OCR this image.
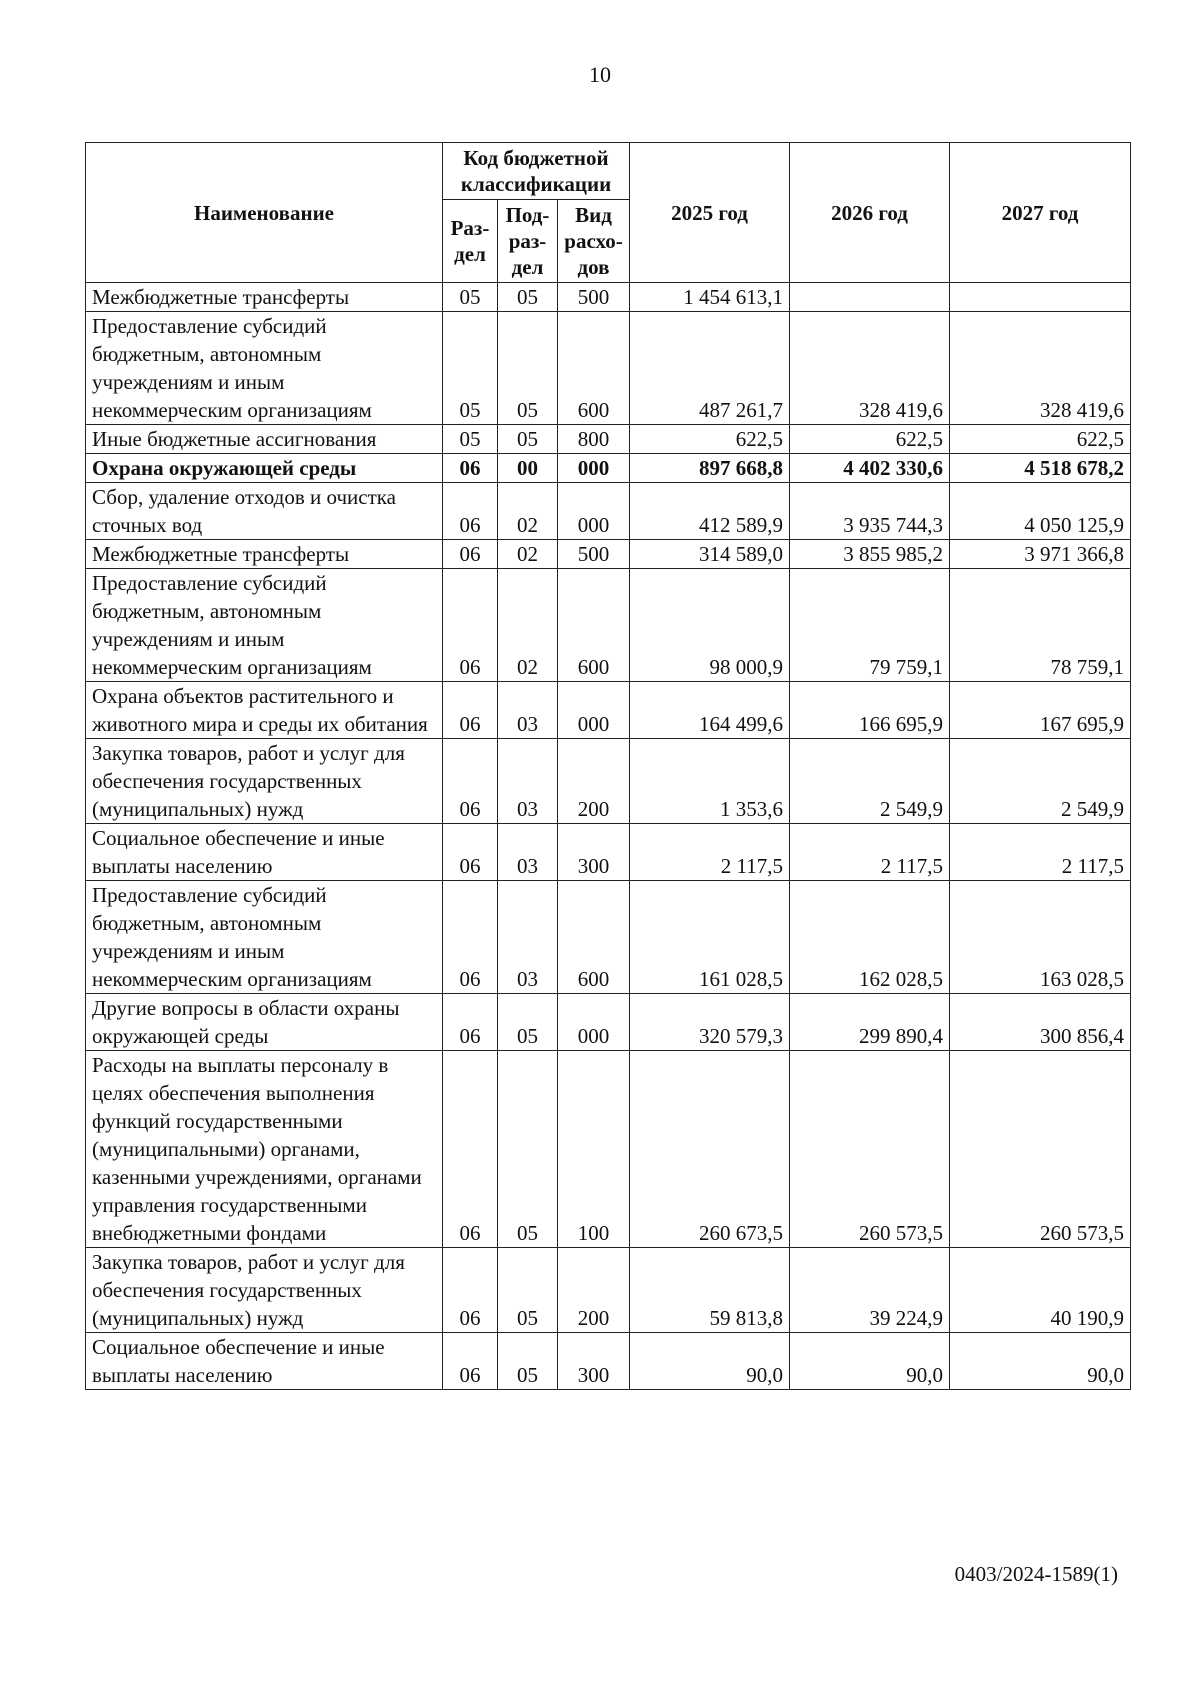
10
Наименование	Код бюджетной классификации			2025 год	2026 год	2027 год
	Раз-дел	Под-раз-дел	Вид расхо-дов			
Межбюджетные трансферты	05	05	500	1 454 613,1		
Предоставление субсидий бюджетным, автономным учреждениям и иным некоммерческим организациям	05	05	600	487 261,7	328 419,6	328 419,6
Иные бюджетные ассигнования	05	05	800	622,5	622,5	622,5
Охрана окружающей среды	06	00	000	897 668,8	4 402 330,6	4 518 678,2
Сбор, удаление отходов и очистка сточных вод	06	02	000	412 589,9	3 935 744,3	4 050 125,9
Межбюджетные трансферты	06	02	500	314 589,0	3 855 985,2	3 971 366,8
Предоставление субсидий бюджетным, автономным учреждениям и иным некоммерческим организациям	06	02	600	98 000,9	79 759,1	78 759,1
Охрана объектов растительного и животного мира и среды их обитания	06	03	000	164 499,6	166 695,9	167 695,9
Закупка товаров, работ и услуг для обеспечения государственных (муниципальных) нужд	06	03	200	1 353,6	2 549,9	2 549,9
Социальное обеспечение и иные выплаты населению	06	03	300	2 117,5	2 117,5	2 117,5
Предоставление субсидий бюджетным, автономным учреждениям и иным некоммерческим организациям	06	03	600	161 028,5	162 028,5	163 028,5
Другие вопросы в области охраны окружающей среды	06	05	000	320 579,3	299 890,4	300 856,4
Расходы на выплаты персоналу в целях обеспечения выполнения функций государственными (муниципальными) органами, казенными учреждениями, органами управления государственными внебюджетными фондами	06	05	100	260 673,5	260 573,5	260 573,5
Закупка товаров, работ и услуг для обеспечения государственных (муниципальных) нужд	06	05	200	59 813,8	39 224,9	40 190,9
Социальное обеспечение и иные выплаты населению	06	05	300	90,0	90,0	90,0
0403/2024-1589(1)
